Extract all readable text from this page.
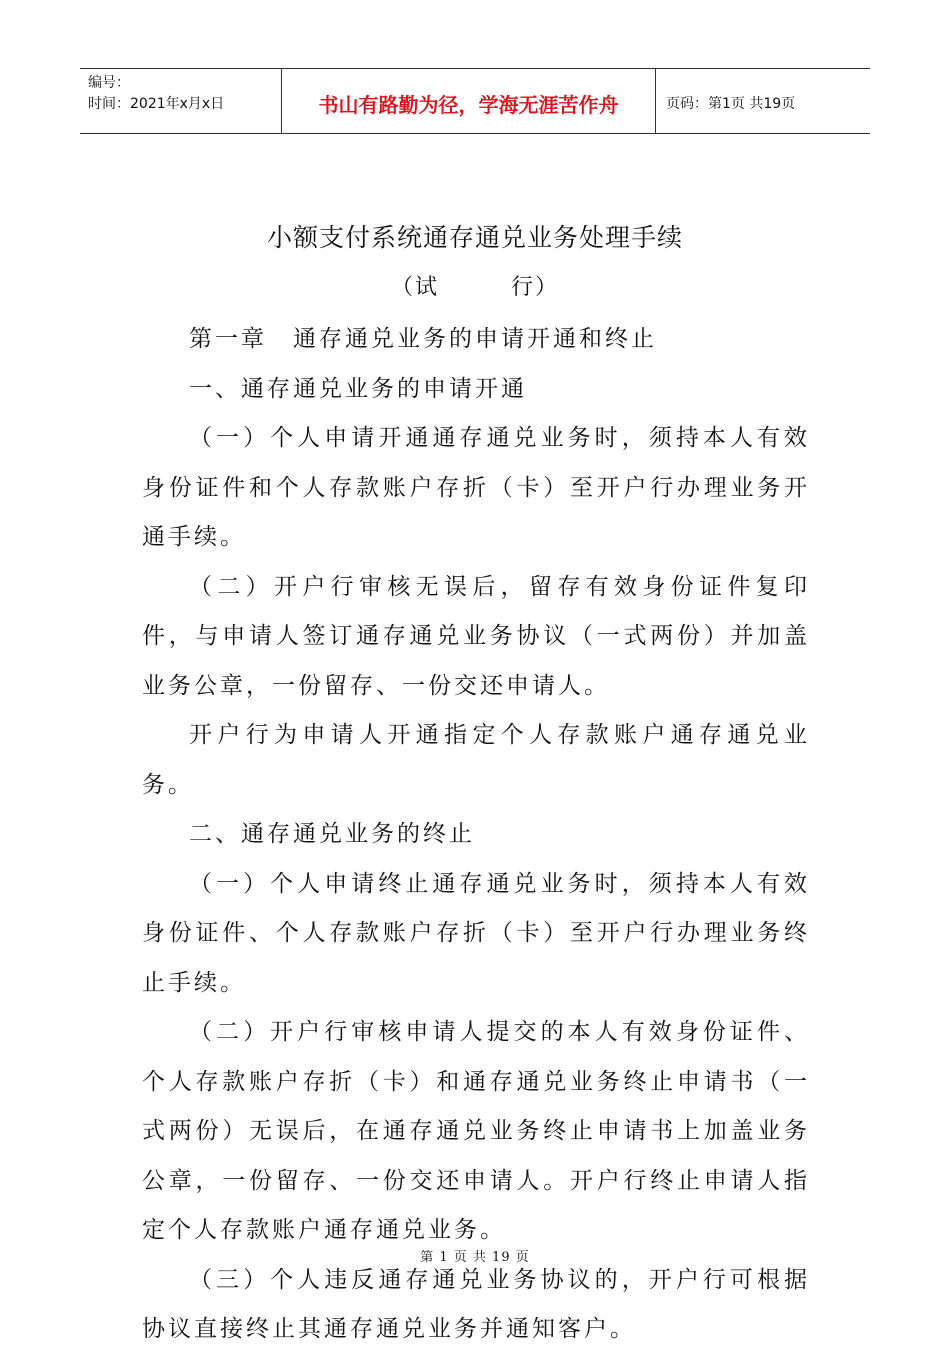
编号：
时间：2021年x月x日	书山有路勤为径，学海无涯苦作舟	页码：第1页 共19页
小额支付系统通存通兑业务处理手续
（试        行）

第一章　通存通兑业务的申请开通和终止

一、通存通兑业务的申请开通

（一）个人申请开通通存通兑业务时，须持本人有效身份证件和个人存款账户存折（卡）至开户行办理业务开通手续。

（二）开户行审核无误后，留存有效身份证件复印件，与申请人签订通存通兑业务协议（一式两份）并加盖业务公章，一份留存、一份交还申请人。

开户行为申请人开通指定个人存款账户通存通兑业务。

二、通存通兑业务的终止

（一）个人申请终止通存通兑业务时，须持本人有效身份证件、个人存款账户存折（卡）至开户行办理业务终止手续。

（二）开户行审核申请人提交的本人有效身份证件、个人存款账户存折（卡）和通存通兑业务终止申请书（一式两份）无误后，在通存通兑业务终止申请书上加盖业务公章，一份留存、一份交还申请人。开户行终止申请人指定个人存款账户通存通兑业务。

（三）个人违反通存通兑业务协议的，开户行可根据协议直接终止其通存通兑业务并通知客户。

第 1 页 共 19 页
